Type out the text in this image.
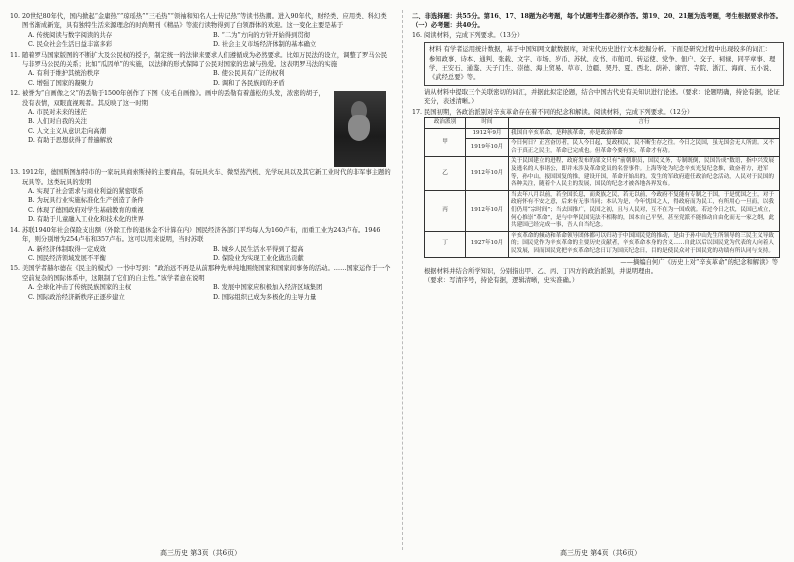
10. 20世纪80年代，国内掀起“金庸热”“琼瑶热”“三毛热”“领袖和知名人士传记热”等读书热潮。进入90年代，财经类、应用类、科幻类图书渐成新宠，具有独特生活来源理念的时尚期刊《精品》等流行读物得到了白领群体的欢迎。这一变化主要是基于
A. 传统阅读与数字阅读的共存	B. “二为”方向的方针开始得到贯彻
C. 民众社会生活日益丰富多彩	D. 社会主义市场经济体制的基本确立
11. 随着罗马国家版图的不断扩大及公民权的授予，制定统一的法律来要求人们遵循成为必然要求。比如万民法的设立，调整了罗马公民与非罗马公民的关系；比如“瓜因单”的实施，以法律的形式保障了公民对国家的忠诚与热爱。这表明罗马法的实施
A. 有利于维护其统治秩序	B. 使公民具有广泛的权利
C. 增强了国家的凝聚力	D. 调和了各民族间的矛盾
12. 被誉为“自画像之父”的丢勒于1500年创作了下图《皮毛自画像》。画中的丢勒有着蓬松的头发，浓密的胡子，没有表情，双眼直视观者。其反映了这一时期
A. 市民对未来的迷茫
B. 人们对自我的关注
C. 人文主义从意识走向高潮
D. 有助于思想获得了普遍解放
13. 1912年，德国斯图加特市的一家玩具商索斯持的主要商品，有玩具火车、微型蒸汽机、光学玩具以及其它新工业时代的非军事主题的玩具等。这类玩具的发明
A. 实现了社会需求与商业利益的紧密联系
B. 为玩具行业实施标准化生产创造了条件
C. 体现了德国政府对学生基础教育的重视
D. 有助于儿童融入工业化和技术化的世界
14. 苏联1940年社会保险支出额（外除工作的退休金不计算在内）国民经济各部门平均每人为160卢布，而重工业为243卢布。1946年，则分别增为254卢布和357卢布。这可以用来说明，当时苏联
A. 新经济体制取得一定成效	B. 城乡人民生活水平得到了提高
C. 国民经济领域发展不平衡	D. 保险业为实现工业化做出贡献
15. 美国学者赫尔德在《民主的模式》一书中写到：“政治远不再是从前那种先单纯地围绕国家和国家间事务的活动。……国家运作于一个空前复杂的国际体系中，这限制了它们的自主性。”该学者意在说明
A. 全球化冲击了传统民族国家的主权	B. 发展中国家应积极加入经济区域集团
C. 国际政治经济新秩序正逐步建立	D. 国际组织已成为多极化的主导力量
高三历史 第3页（共6页）
二、非选择题：共55分。第16、17、18题为必考题，每个试题考生都必须作答。第19、20、21题为选考题，考生根据要求作答。
（一）必考题：共40分。
16. 阅读材料，完成下列要求。（13分）
材料 有学者运用统计数据，基于中国知网文献数据库，对宋代历史进行文本挖掘分析。下面是研究过程中出现较多的词汇：
参知政事、诗本、通判、张载、文字、市场、岁币、苏轼、皮书、市舶司、转运使、党争、佃户、交子、祠禄、同平章事、理学、王安石、通鉴、天子门生、崇德、海上贸易、草市、边疆、契丹、夏、西北、荫补、谏官、寺院、浙江、海商、五小说、《武经总要》等。
请从材料中提取三个关联密切的词汇，并据此拟定论题，结合中国古代史有关知识进行论述。（要求：论题明确，持论有据，论证充分，表述清晰。）
17. 民国初期，各政治派别对辛亥革命存在着不同的纪念和解读。阅读材料，完成下列要求。（12分）
政治派别	时间	言行
甲	1912年9月	我国自辛亥革命，是种族革命，亦是政治革命
	1919年10月	今日何日？正宫奋厉者，民人今日起，复政权民，民不断生存之往。今日之民国，虽无国会无人所需。又不合于真正之民主，革命已完成也。但革命今要有实，革命才有功。
乙	1912年10月	关于民国建立的进程，政府发布的部文只有“前朝职员，国民义务，专制既倒，民国告成”数语，指中兴发展及逃名的人事诸公，即并未涉及革命党员的名誉事件。上海等处为纪念辛亥光复纪念推，致奋者方，进军等，孙中山，报国国复的推，建设开国，革命开始出的。发生的军政府遗任政治纪念活动，人民对于民国的各种关注，随着个人民主的发展，国民的纪念才被各地各界发布。
丙	1912年10月	当去年八月以前，若全国长息，而炎族之民，若无以前，今政府不复能有专制之于国，于是忧国之士，对于政府怀有不安之意，后来有无事当同；本认为是，今年忧国之人，得政府而为民工，有所用心一旦而，以我们仍用“宗时间”；当去国推广，民国之初，且与人民对，互不在为一国成就。若过今日之状，民国已成立，何心推崇“革命”，是与中华民国宪法不相称的，国本自己平坚，甚至党派不能推动自由化而无一家之纲，此共建国已经完成一事，吾人自当纪念。
丁	1927年10月	辛亥革命的倾动和革命领导团体都可以归功于中国国民党的推动，是由于孙中山先生所领导的三民主义导致的；国民党作为辛亥革命的主要历史贡献者，辛亥革命本身的含义……自此以后以国民党为代表的人向着人民发展，因而国民党把辛亥革命纪念日订为国庆纪念日，目的是使民众对于国民党的功绩有所认同与支持。
——摘编自何广《历史上对“辛亥革命”的纪念和解读》等
根据材料并结合所学知识，分别指出甲、乙、丙、丁四方的政治派别，并说明理由。
（要求：写清序号，持论有据，逻辑清晰，史实准确。）
高三历史 第4页（共6页）
